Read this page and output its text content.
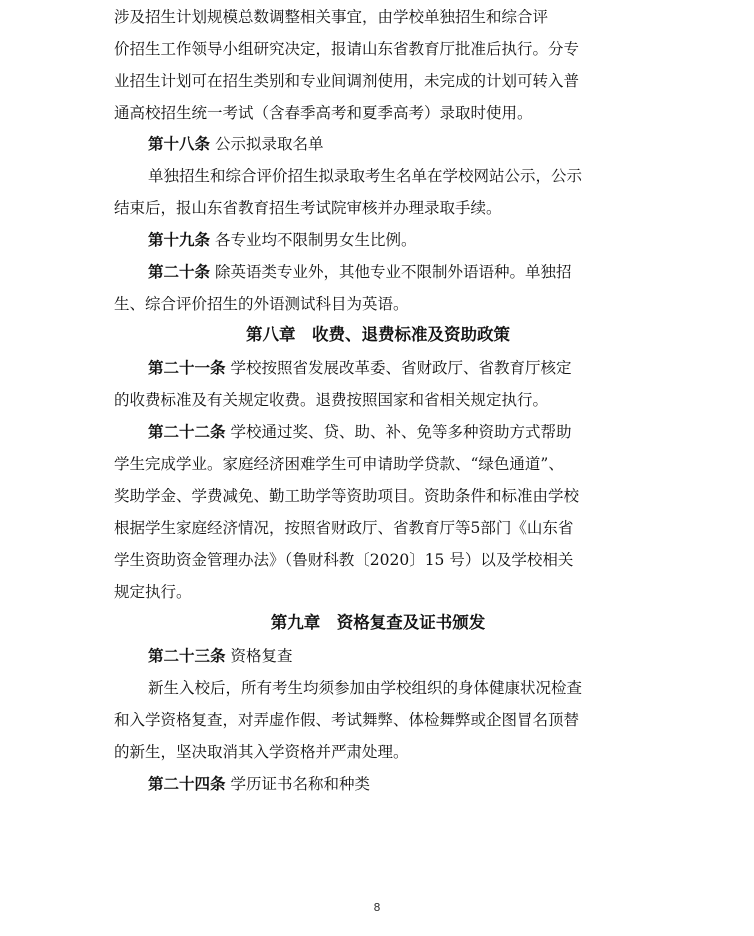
涉及招生计划规模总数调整相关事宜，由学校单独招生和综合评
价招生工作领导小组研究决定，报请山东省教育厅批准后执行。分专
业招生计划可在招生类别和专业间调剂使用，未完成的计划可转入普
通高校招生统一考试（含春季高考和夏季高考）录取时使用。
第十八条 公示拟录取名单
单独招生和综合评价招生拟录取考生名单在学校网站公示，公示
结束后，报山东省教育招生考试院审核并办理录取手续。
第十九条 各专业均不限制男女生比例。
第二十条 除英语类专业外，其他专业不限制外语语种。单独招
生、综合评价招生的外语测试科目为英语。
第八章　收费、退费标准及资助政策
第二十一条 学校按照省发展改革委、省财政厅、省教育厅核定
的收费标准及有关规定收费。退费按照国家和省相关规定执行。
第二十二条 学校通过奖、贷、助、补、免等多种资助方式帮助
学生完成学业。家庭经济困难学生可申请助学贷款、“绿色通道”、
奖助学金、学费减免、勤工助学等资助项目。资助条件和标准由学校
根据学生家庭经济情况，按照省财政厅、省教育厅等5部门《山东省
学生资助资金管理办法》（鲁财科教〔2020〕15 号）以及学校相关
规定执行。
第九章　资格复查及证书颁发
第二十三条 资格复查
新生入校后，所有考生均须参加由学校组织的身体健康状况检查
和入学资格复查，对弄虚作假、考试舞弊、体检舞弊或企图冒名顶替
的新生，坚决取消其入学资格并严肃处理。
第二十四条 学历证书名称和种类
8
